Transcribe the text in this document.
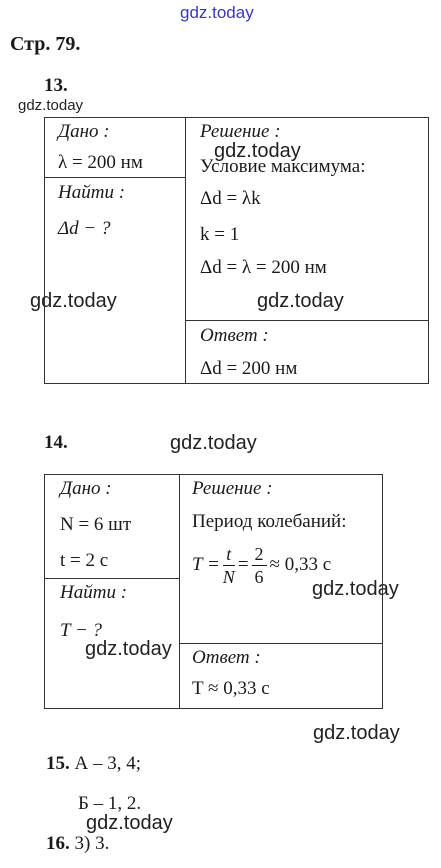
gdz.today
gdz.today
gdz.today
gdz.today	gdz.today
gdz.today
gdz.today
gdz.today
gdz.today
gdz.today
Стр. 79.
13.
Дано :
λ = 200 нм
Найти :
Δd − ?
Решение :
Условие максимума:
Δd = λk
k = 1
Δd = λ = 200 нм
Ответ :
Δd = 200 нм
14.
Дано :
N = 6 шт
t = 2 с
Найти :
T − ?
Решение :
Период колебаний:
$T = \frac{t}{N} = \frac{2}{6} \approx 0,33$ с
Ответ :
T ≈ 0,33 с
15. А – 3, 4;
Б – 1, 2.
16. 3) 3.
